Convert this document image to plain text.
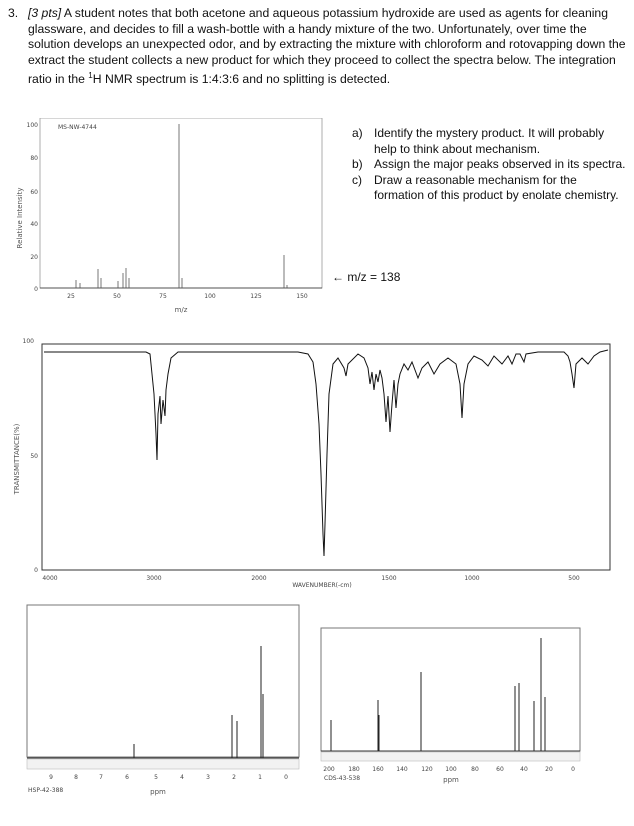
3. [3 pts] A student notes that both acetone and aqueous potassium hydroxide are used as agents for cleaning glassware, and decides to fill a wash-bottle with a handy mixture of the two. Unfortunately, over time the solution develops an unexpected odor, and by extracting the mixture with chloroform and rotovapping down the extract the student collects a new product for which they proceed to collect the spectra below. The integration ratio in the $^1$H NMR spectrum is 1:4:3:6 and no splitting is detected.
MS-NW-4744
Relative Intensity
100
80
60
40
20
0
25	50	75	100	125	150
m/z
a) Identify the mystery product. It will probably help to think about mechanism.
b) Assign the major peaks observed in its spectra.
c)	Draw a reasonable mechanism for the formation of this product by enolate chemistry.
← m/z = 138
TRANSMITTANCE(%)
100
50
0
4000	3000	2000	1500	1000	500
WAVENUMBER(-cm)
9	8	7	6	5	4	3	2	1	0
HSP-42-388	ppm
200 180 160 140 120 100 80	60	40	20	0
CDS-43-538	ppm
